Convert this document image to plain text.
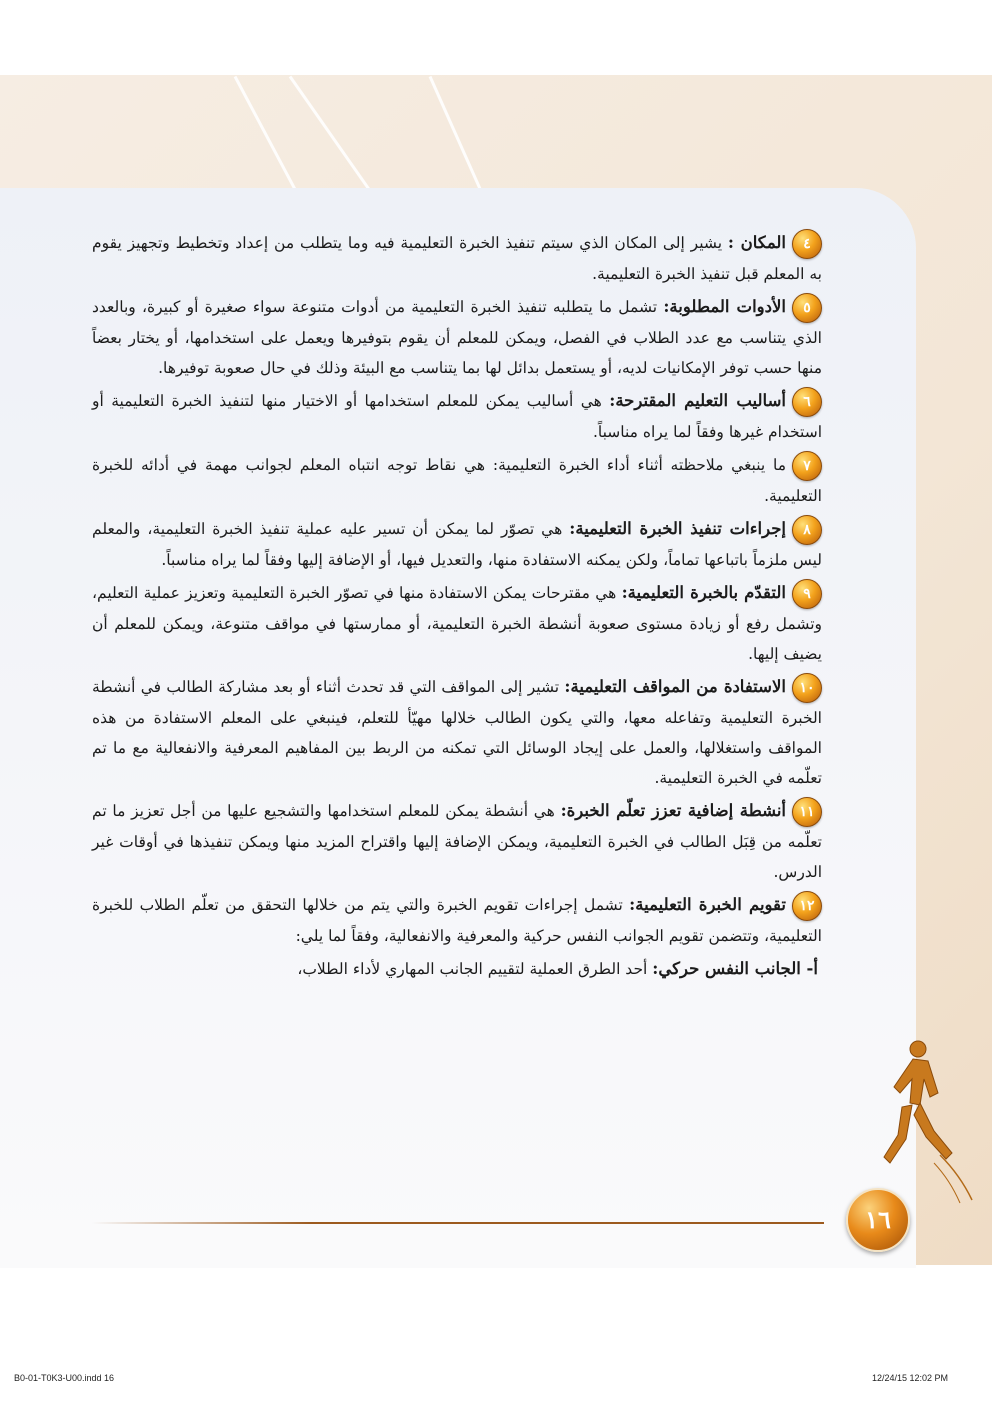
٤المكان : يشير إلى المكان الذي سيتم تنفيذ الخبرة التعليمية فيه وما يتطلب من إعداد وتخطيط وتجهيز يقوم به المعلم قبل تنفيذ الخبرة التعليمية.

٥الأدوات المطلوبة: تشمل ما يتطلبه تنفيذ الخبرة التعليمية من أدوات متنوعة سواء صغيرة أو كبيرة، وبالعدد الذي يتناسب مع عدد الطلاب في الفصل، ويمكن للمعلم أن يقوم بتوفيرها ويعمل على استخدامها، أو يختار بعضاً منها حسب توفر الإمكانيات لديه، أو يستعمل بدائل لها بما يتناسب مع البيئة وذلك في حال صعوبة توفيرها.

٦أساليب التعليم المقترحة: هي أساليب يمكن للمعلم استخدامها أو الاختيار منها لتنفيذ الخبرة التعليمية أو استخدام غيرها وفقاً لما يراه مناسباً.

٧ما ينبغي ملاحظته أثناء أداء الخبرة التعليمية: هي نقاط توجه انتباه المعلم لجوانب مهمة في أدائه للخبرة التعليمية.

٨إجراءات تنفيذ الخبرة التعليمية: هي تصوّر لما يمكن أن تسير عليه عملية تنفيذ الخبرة التعليمية، والمعلم ليس ملزماً باتباعها تماماً، ولكن يمكنه الاستفادة منها، والتعديل فيها، أو الإضافة إليها وفقاً لما يراه مناسباً.

٩التقدّم بالخبرة التعليمية: هي مقترحات يمكن الاستفادة منها في تصوّر الخبرة التعليمية وتعزيز عملية التعليم، وتشمل رفع أو زيادة مستوى صعوبة أنشطة الخبرة التعليمية، أو ممارستها في مواقف متنوعة، ويمكن للمعلم أن يضيف إليها.

١٠الاستفادة من المواقف التعليمية: تشير إلى المواقف التي قد تحدث أثناء أو بعد مشاركة الطالب في أنشطة الخبرة التعليمية وتفاعله معها، والتي يكون الطالب خلالها مهيّأ للتعلم، فينبغي على المعلم الاستفادة من هذه المواقف واستغلالها، والعمل على إيجاد الوسائل التي تمكنه من الربط بين المفاهيم المعرفية والانفعالية مع ما تم تعلّمه في الخبرة التعليمية.

١١أنشطة إضافية تعزز تعلّم الخبرة: هي أنشطة يمكن للمعلم استخدامها والتشجيع عليها من أجل تعزيز ما تم تعلّمه من قِبَل الطالب في الخبرة التعليمية، ويمكن الإضافة إليها واقتراح المزيد منها ويمكن تنفيذها في أوقات غير الدرس.

١٢تقويم الخبرة التعليمية: تشمل إجراءات تقويم الخبرة والتي يتم من خلالها التحقق من تعلّم الطلاب للخبرة التعليمية، وتتضمن تقويم الجوانب النفس حركية والمعرفية والانفعالية، وفقاً لما يلي:

أ- الجانب النفس حركي: أحد الطرق العملية لتقييم الجانب المهاري لأداء الطلاب،

١٦
B0-01-T0K3-U00.indd 16	12/24/15 12:02 PM
